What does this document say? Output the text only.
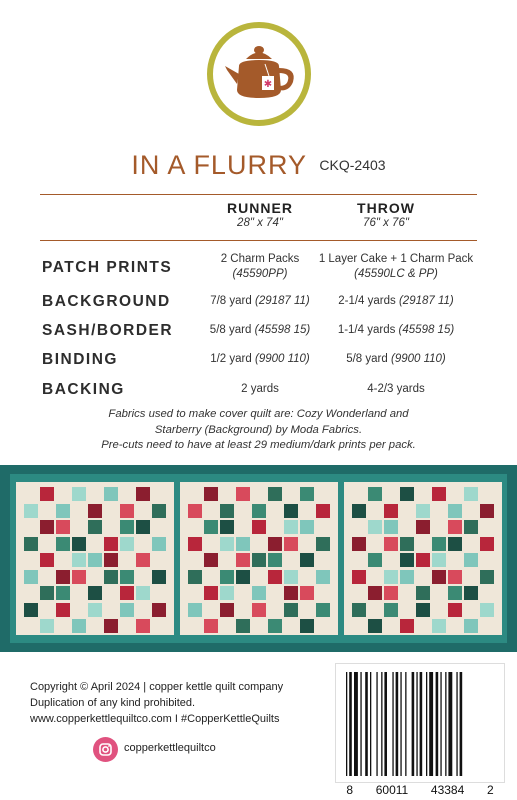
✱
IN A FLURRY CKQ-2403
RUNNER
28" x 74"
THROW
76" x 76"
PATCH PRINTS
BACKGROUND
SASH/BORDER
BINDING
BACKING
2 Charm Packs
(45590PP)
7/8 yard (29187 11)
5/8 yard (45598 15)
1/2 yard (9900 110)
2 yards
1 Layer Cake + 1 Charm Pack
(45590LC & PP)
2-1/4 yards (29187 11)
1-1/4 yards (45598 15)
5/8 yard (9900 110)
4-2/3 yards
Fabrics used to make cover quilt are: Cozy Wonderland and
Starberry (Background) by Moda Fabrics.
Pre-cuts need to have at least 29 medium/dark prints per pack.
Copyright © April 2024 | copper kettle quilt company
Duplication of any kind prohibited.
www.copperkettlequiltco.com I #CopperKettleQuilts
copperkettlequiltco
8 60011 43384 2
